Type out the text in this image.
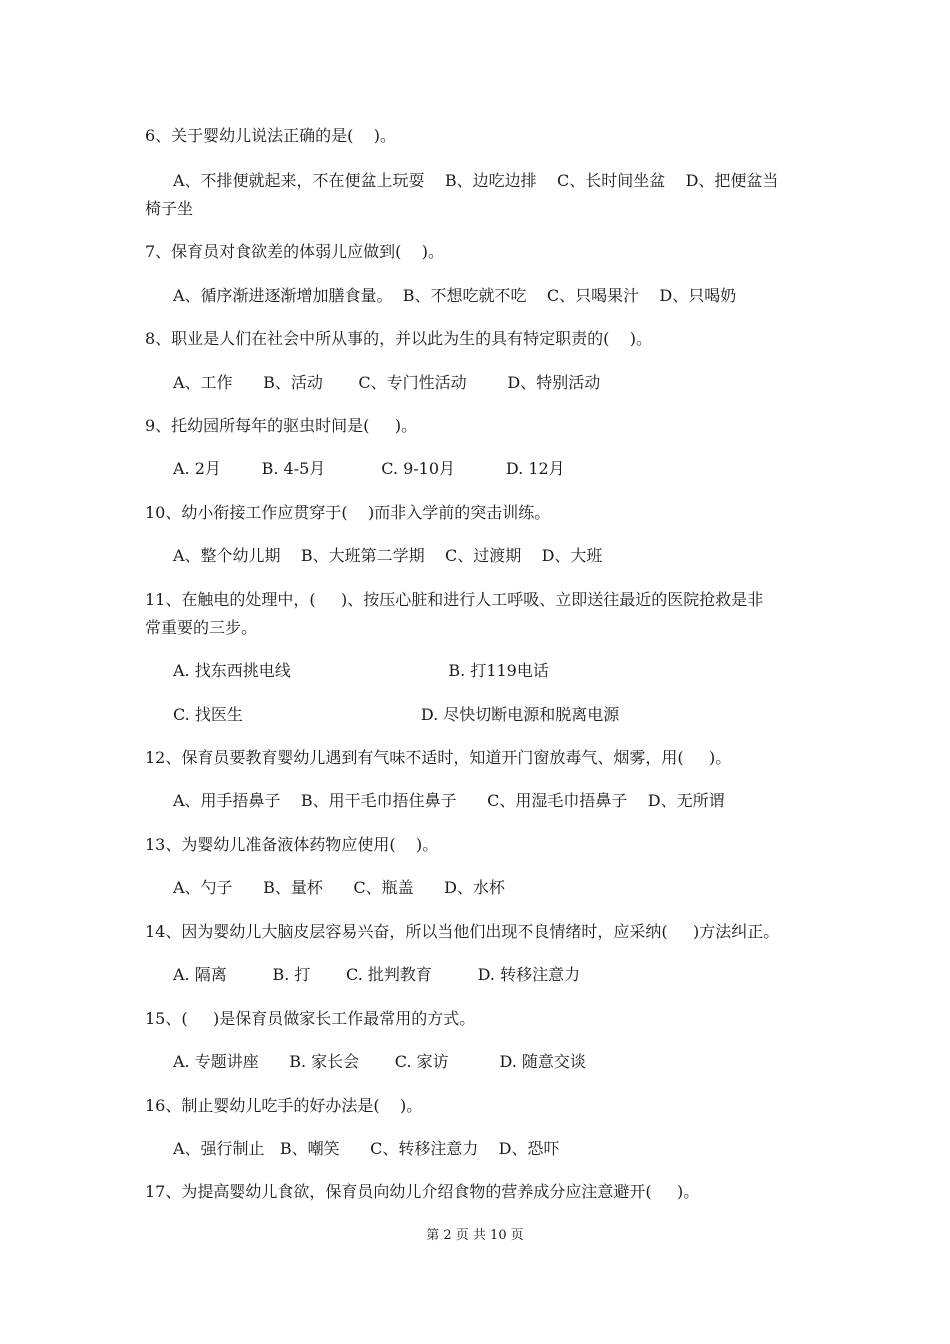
6、关于婴幼儿说法正确的是(    )。
A、不排便就起来，不在便盆上玩耍    B、边吃边排    C、长时间坐盆    D、把便盆当
椅子坐
7、保育员对食欲差的体弱儿应做到(    )。
A、循序渐进逐渐增加膳食量。  B、不想吃就不吃    C、只喝果汁    D、只喝奶
8、职业是人们在社会中所从事的，并以此为生的具有特定职责的(    )。
A、工作      B、活动       C、专门性活动        D、特别活动
9、托幼园所每年的驱虫时间是(     )。
A. 2月        B. 4-5月           C. 9-10月          D. 12月
10、幼小衔接工作应贯穿于(    )而非入学前的突击训练。
A、整个幼儿期    B、大班第二学期    C、过渡期    D、大班
11、在触电的处理中，(     )、按压心脏和进行人工呼吸、立即送往最近的医院抢救是非
常重要的三步。
A. 找东西挑电线                               B. 打119电话
C. 找医生                                   D. 尽快切断电源和脱离电源
12、保育员要教育婴幼儿遇到有气味不适时，知道开门窗放毒气、烟雾，用(     )。
A、用手捂鼻子    B、用干毛巾捂住鼻子      C、用湿毛巾捂鼻子    D、无所谓
13、为婴幼儿准备液体药物应使用(    )。
A、勺子      B、量杯      C、瓶盖      D、水杯
14、因为婴幼儿大脑皮层容易兴奋，所以当他们出现不良情绪时，应采纳(     )方法纠正。
A. 隔离         B. 打       C. 批判教育         D. 转移注意力
15、(     )是保育员做家长工作最常用的方式。
A. 专题讲座      B. 家长会       C. 家访          D. 随意交谈
16、制止婴幼儿吃手的好办法是(    )。
A、强行制止   B、嘲笑      C、转移注意力    D、恐吓
17、为提高婴幼儿食欲，保育员向幼儿介绍食物的营养成分应注意避开(     )。
第 2 页 共 10 页
